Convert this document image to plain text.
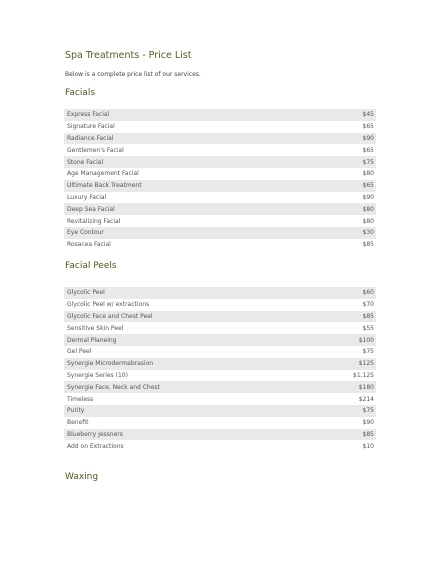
Spa Treatments - Price List
Below is a complete price list of our services.
Facials
Express Facial	$45
Signature Facial	$65
Radiance Facial	$90
Gentlemen's Facial	$65
Stone Facial	$75
Age Management Facial	$80
Ultimate Back Treatment	$65
Luxury Facial	$90
Deep Sea Facial	$80
Revitalizing Facial	$80
Eye Contour	$30
Rosacea Facial	$85
Facial Peels
Glycolic Peel	$60
Glycolic Peel w/ extractions	$70
Glycolic Face and Chest Peel	$85
Sensitive Skin Peel	$55
Dermal Planeing	$100
Gel Peel	$75
Synergie Microdermabrasion	$125
Synergie Series (10)	$1,125
Synergie Face, Neck and Chest	$180
Timeless	$214
Purity	$75
Benefit	$90
Blueberry Jessners	$85
Add on Extractions	$10
Waxing
